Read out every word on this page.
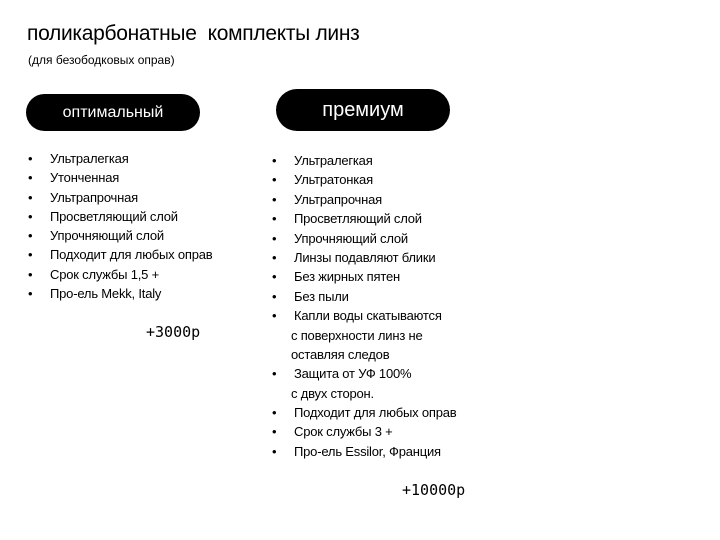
поликарбонатные  комплекты линз
(для безободковых оправ)
оптимальный	премиум
• Ультралегкая
• Утонченная
• Ультрапрочная
• Просветляющий слой
• Упрочняющий слой
• Подходит для любых оправ
• Срок службы 1,5 +
• Про-ель Mekk, Italy
+3000р
• Ультралегкая
• Ультратонкая
• Ультрапрочная
• Просветляющий слой
• Упрочняющий слой
• Линзы подавляют блики
• Без жирных пятен
• Без пыли
• Капли воды скатываются
с поверхности линз не
оставляя следов
• Защита от УФ 100%
с двух сторон.
• Подходит для любых оправ
• Срок службы 3 +
• Про-ель Essilor, Франция
+10000р
